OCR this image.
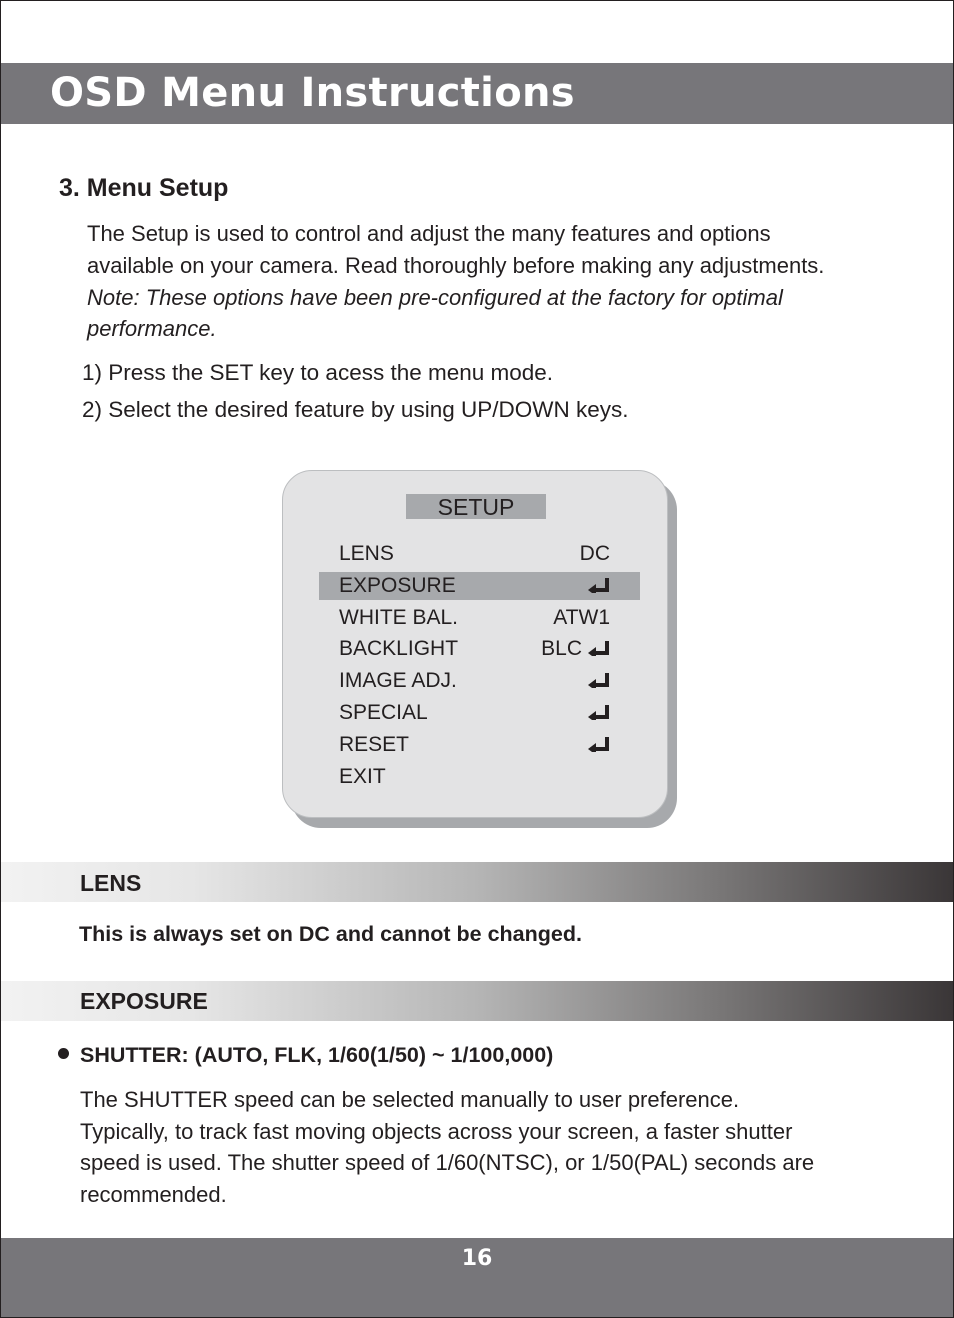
OSD Menu Instructions
3. Menu Setup
The Setup is used to control and adjust the many features and options
available on your camera. Read thoroughly before making any adjustments.
Note: These options have been pre-configured at the factory for optimal
performance.
1) Press the SET key to acess the menu mode.
2) Select the desired feature by using UP/DOWN keys.
SETUP
LENS	DC
EXPOSURE
WHITE BAL.	ATW1
BACKLIGHT	BLC
IMAGE ADJ.
SPECIAL
RESET
EXIT
LENS
This is always set on DC and cannot be changed.
EXPOSURE
SHUTTER: (AUTO, FLK, 1/60(1/50) ~ 1/100,000)
The SHUTTER speed can be selected manually to user preference.
Typically, to track fast moving objects across your screen, a faster shutter
speed is used. The shutter speed of 1/60(NTSC), or 1/50(PAL) seconds are
recommended.
16
